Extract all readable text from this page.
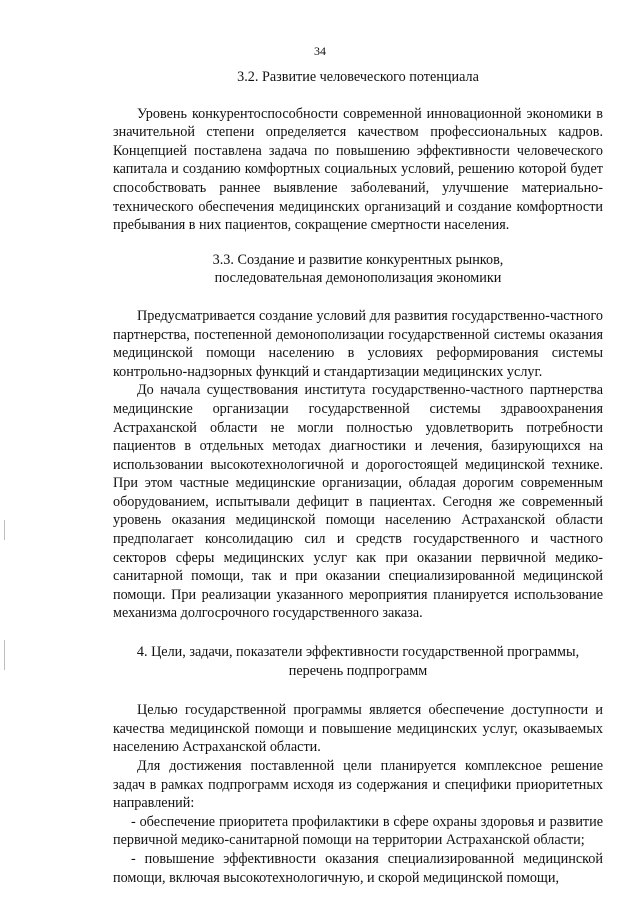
34
3.2. Развитие человеческого потенциала

Уровень конкурентоспособности современной инновационной экономики в значительной степени определяется качеством профессиональных кадров. Концепцией поставлена задача по повышению эффективности человеческого капитала и созданию комфортных социальных условий, решению которой будет способствовать раннее выявление заболеваний, улучшение материально-технического обеспечения медицинских организаций и создание комфортности пребывания в них пациентов, сокращение смертности населения.

3.3. Создание и развитие конкурентных рынков,
последовательная демонополизация экономики

Предусматривается создание условий для развития государственно-частного партнерства, постепенной демонополизации государственной системы оказания медицинской помощи населению в условиях реформирования системы контрольно-надзорных функций и стандартизации медицинских услуг.

До начала существования института государственно-частного партнерства медицинские организации государственной системы здравоохранения Астраханской области не могли полностью удовлетворить потребности пациентов в отдельных методах диагностики и лечения, базирующихся на использовании высокотехнологичной и дорогостоящей медицинской технике. При этом частные медицинские организации, обладая дорогим современным оборудованием, испытывали дефицит в пациентах. Сегодня же современный уровень оказания медицинской помощи населению Астраханской области предполагает консолидацию сил и средств государственного и частного секторов сферы медицинских услуг как при оказании первичной медико-санитарной помощи, так и при оказании специализированной медицинской помощи. При реализации указанного мероприятия планируется использование механизма долгосрочного государственного заказа.

4. Цели, задачи, показатели эффективности государственной программы,
перечень подпрограмм

Целью государственной программы является обеспечение доступности и качества медицинской помощи и повышение медицинских услуг, оказываемых населению Астраханской области.

Для достижения поставленной цели планируется комплексное решение задач в рамках подпрограмм исходя из содержания и специфики приоритетных направлений:

- обеспечение приоритета профилактики в сфере охраны здоровья и развитие первичной медико-санитарной помощи на территории Астраханской области;

- повышение эффективности оказания специализированной медицинской помощи, включая высокотехнологичную, и скорой медицинской помощи,
